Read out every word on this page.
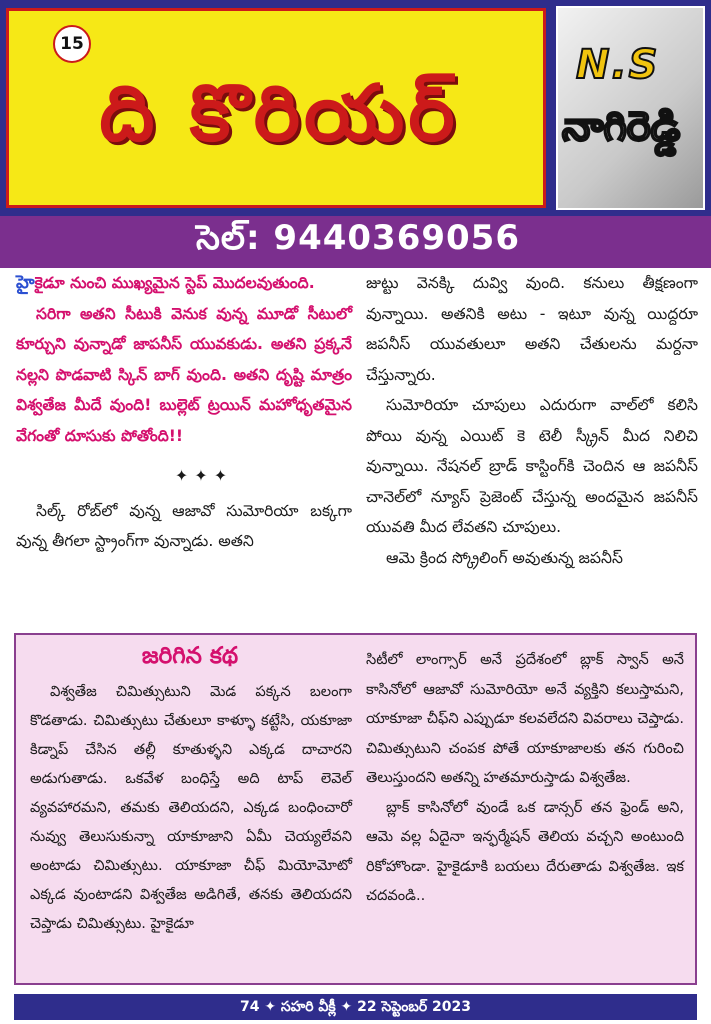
15
ది కొరియర్
N.S
నాగిరెడ్డి
సెల్: 9440369056

హైకైడూ నుంచి ముఖ్యమైన స్టెప్ మొదలవుతుంది.

సరిగా అతని సీటుకి వెనుక వున్న మూడో సీటులో కూర్చుని వున్నాడో జాపనీస్ యువకుడు. అతని ప్రక్కనే నల్లని పొడవాటి స్కిన్ బాగ్ వుంది. అతని దృష్టి మాత్రం విశ్వతేజ మీదే వుంది! బుల్లెట్ ట్రయిన్ మహోధృతమైన వేగంతో దూసుకు పోతోంది!!

✦✦✦

సిల్క్ రోబ్‌లో వున్న ఆజావో సుమోరియా బక్కగా వున్న తీగలా స్ట్రాంగ్‌గా వున్నాడు. అతని

జుట్టు వెనక్కి దువ్వి వుంది. కనులు తీక్షణంగా వున్నాయి. అతనికి అటు - ఇటూ వున్న యిద్దరూ జపనీస్ యువతులూ అతని చేతులను మర్దనా చేస్తున్నారు.

సుమోరియా చూపులు ఎదురుగా వాల్‌లో కలిసి పోయి వున్న ఎయిట్ కె టెలీ స్క్రీన్ మీద నిలిచి వున్నాయి. నేషనల్ బ్రాడ్ కాస్టింగ్‌కి చెందిన ఆ జపనీస్ చానెల్‌లో న్యూస్ ప్రెజెంట్ చేస్తున్న అందమైన జపనీస్ యువతి మీద లేవతని చూపులు.

ఆమె క్రింద స్క్రోలింగ్ అవుతున్న జపనీస్

జరిగిన కథ

విశ్వతేజ చిమిత్సుటుని మెడ పక్కన బలంగా కొడతాడు. చిమిత్సుటు చేతులూ కాళ్ళూ కట్టేసి, యకూజా కిడ్నాప్ చేసిన తల్లీ కూతుళ్ళని ఎక్కడ దాచారని అడుగుతాడు. ఒకవేళ బంధిస్తే అది టాప్ లెవెల్ వ్యవహారమని, తమకు తెలియదని, ఎక్కడ బంధించారో నువ్వు తెలుసుకున్నా యాకూజాని ఏమీ చెయ్యలేవని అంటాడు చిమిత్సుటు. యాకూజా చీఫ్ మియోమోటో ఎక్కడ వుంటాడని విశ్వతేజ అడిగితే, తనకు తెలియదని చెప్తాడు చిమిత్సుటు. హైకైడూ

సిటీలో లాంగ్సార్ అనే ప్రదేశంలో బ్లాక్ స్వాన్ అనే కాసినోలో ఆజావో సుమోరియో అనే వ్యక్తిని కలుస్తామని, యాకూజా చీఫ్‌ని ఎప్పుడూ కలవలేదని వివరాలు చెప్తాడు. చిమిత్సుటుని చంపక పోతే యాకూజాలకు తన గురించి తెలుస్తుందని అతన్ని హతమారుస్తాడు విశ్వతేజ.

బ్లాక్ కాసినోలో వుండే ఒక డాన్సర్ తన ఫ్రెండ్ అని, ఆమె వల్ల ఏదైనా ఇన్ఫర్మేషన్ తెలియ వచ్చని అంటుంది రికోహొండా. హైకైడూకి బయలు దేరుతాడు విశ్వతేజ. ఇక చదవండి..

74 ✦ సహరి వీక్లీ ✦ 22 సెప్టెంబర్ 2023
